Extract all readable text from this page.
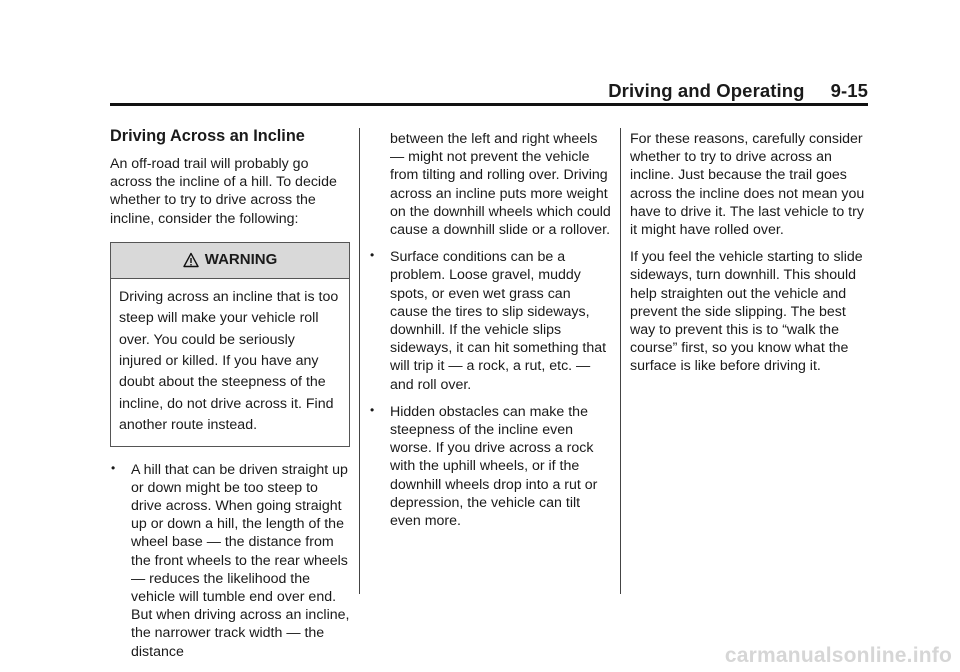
Driving and Operating 9-15
Driving Across an Incline

An off-road trail will probably go across the incline of a hill. To decide whether to try to drive across the incline, consider the following:

WARNING
Driving across an incline that is too steep will make your vehicle roll over. You could be seriously injured or killed. If you have any doubt about the steepness of the incline, do not drive across it. Find another route instead.
• A hill that can be driven straight up or down might be too steep to drive across. When going straight up or down a hill, the length of the wheel base — the distance from the front wheels to the rear wheels — reduces the likelihood the vehicle will tumble end over end. But when driving across an incline, the narrower track width — the distance
between the left and right wheels — might not prevent the vehicle from tilting and rolling over. Driving across an incline puts more weight on the downhill wheels which could cause a downhill slide or a rollover.
• Surface conditions can be a problem. Loose gravel, muddy spots, or even wet grass can cause the tires to slip sideways, downhill. If the vehicle slips sideways, it can hit something that will trip it — a rock, a rut, etc. — and roll over.
• Hidden obstacles can make the steepness of the incline even worse. If you drive across a rock with the uphill wheels, or if the downhill wheels drop into a rut or depression, the vehicle can tilt even more.

For these reasons, carefully consider whether to try to drive across an incline. Just because the trail goes across the incline does not mean you have to drive it. The last vehicle to try it might have rolled over.

If you feel the vehicle starting to slide sideways, turn downhill. This should help straighten out the vehicle and prevent the side slipping. The best way to prevent this is to “walk the course” first, so you know what the surface is like before driving it.

carmanualsonline.info
